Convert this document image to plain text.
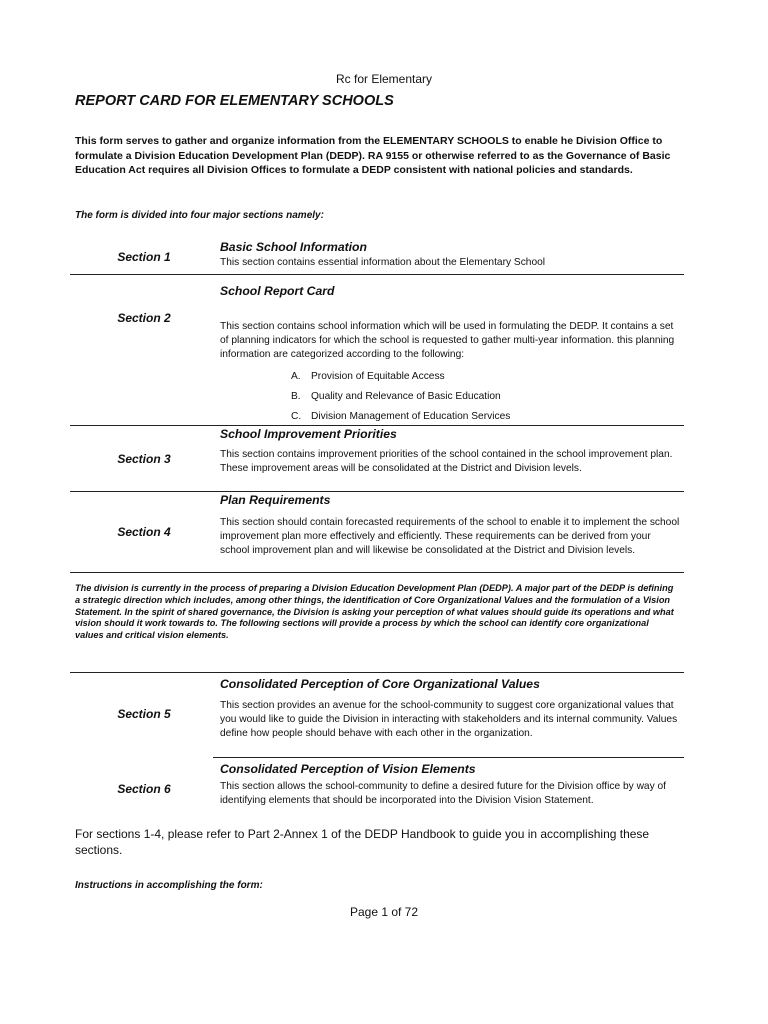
Rc for Elementary
REPORT CARD FOR ELEMENTARY SCHOOLS
This form serves to gather and organize information from the ELEMENTARY SCHOOLS to enable he Division Office to formulate a Division Education Development Plan (DEDP). RA 9155 or otherwise referred to as the Governance of Basic Education Act requires all Division Offices to formulate a DEDP consistent with national policies and standards.
The form is divided into four major sections namely:
Section 1
Basic School Information
This section contains essential information about the Elementary School
Section 2
School Report Card
This section contains school information which will be used in formulating the DEDP. It contains a set of planning indicators for which the school is requested to gather multi-year information. this planning information are categorized according to the following:
A. Provision of Equitable Access
B. Quality and Relevance of Basic Education
C. Division Management of Education Services
Section 3
School Improvement Priorities
This section contains improvement priorities of the school contained in the school improvement plan. These improvement areas will be consolidated at the District and Division levels.
Section 4
Plan Requirements
This section should contain forecasted requirements of the school to enable it to implement the school improvement plan more effectively and efficiently. These requirements can be derived from your school improvement plan and will likewise be consolidated at the District and Division levels.
The division is currently in the process of preparing a Division Education Development Plan (DEDP). A major part of the DEDP is defining a strategic direction which includes, among other things, the identification of Core Organizational Values and the formulation of a Vision Statement. In the spirit of shared governance, the Division is asking your perception of what values should guide its operations and what vision should it work towards to. The following sections will provide a process by which the school can identify core organizational values and critical vision elements.
Section 5
Consolidated Perception of Core Organizational Values
This section provides an avenue for the school-community to suggest core organizational values that you would like to guide the Division in interacting with stakeholders and its internal community. Values define how people should behave with each other in the organization.
Section 6
Consolidated Perception of Vision Elements
This section allows the school-community to define a desired future for the Division office by way of identifying elements that should be incorporated into the Division Vision Statement.
For sections 1-4, please refer to Part 2-Annex 1 of the DEDP Handbook to guide you in accomplishing these sections.
Instructions in accomplishing the form:
Page 1 of 72
